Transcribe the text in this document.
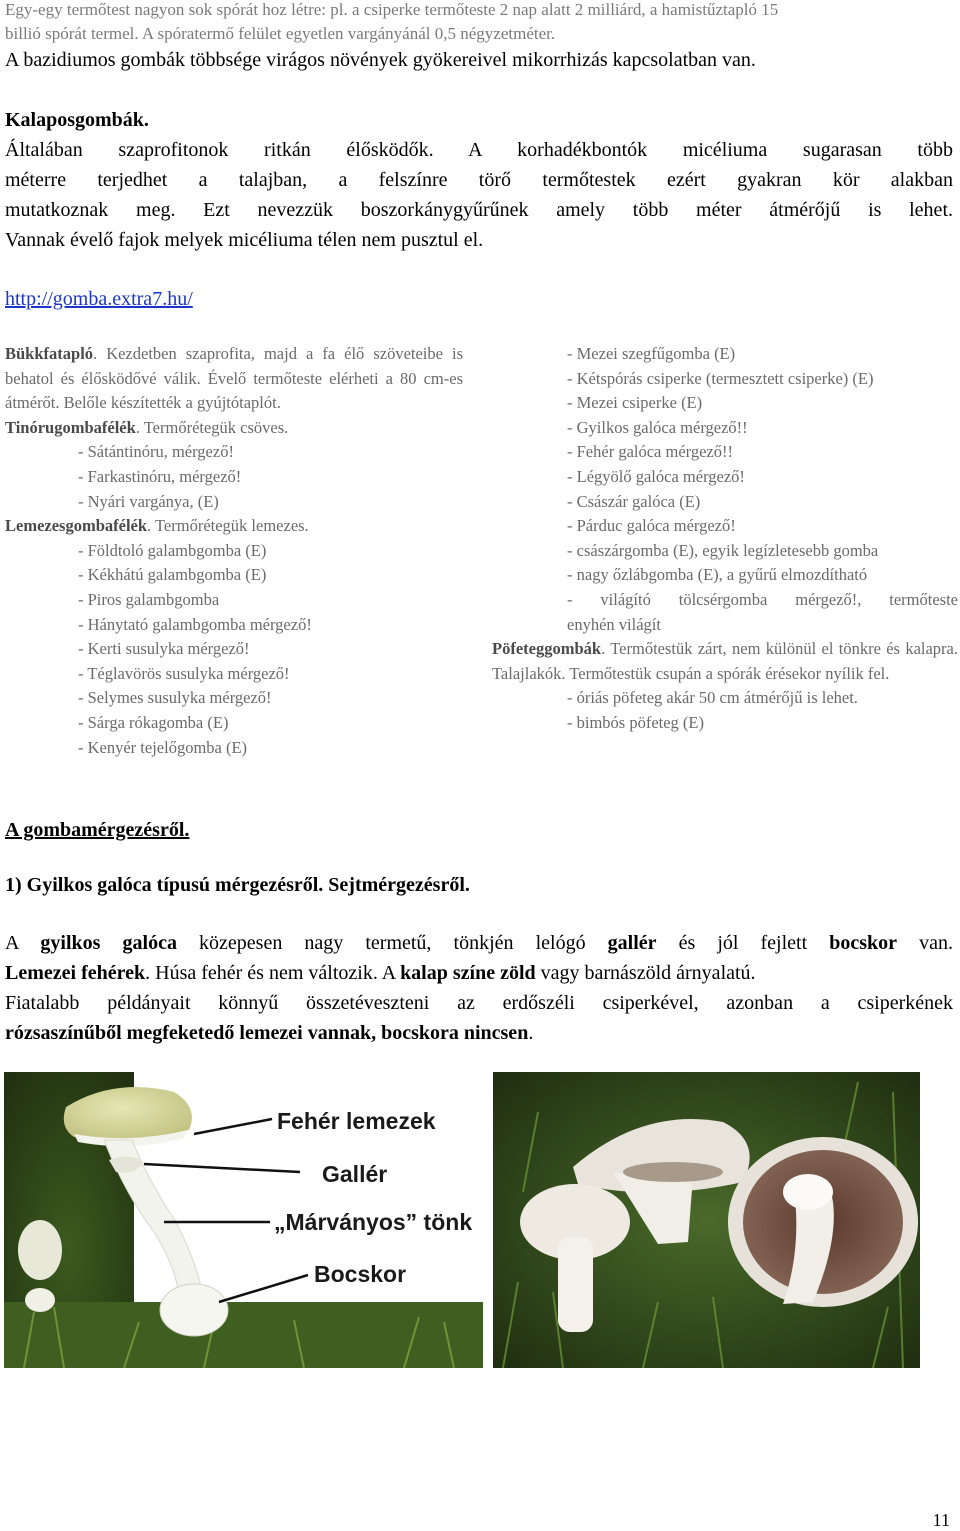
Egy-egy termőtest nagyon sok spórát hoz létre: pl. a csiperke termőteste 2 nap alatt 2 milliárd, a hamistűztapló 15
billió spórát termel. A spóratermő felület egyetlen vargányánál 0,5 négyzetméter.
A bazidiumos gombák többsége virágos növények gyökereivel mikorrhizás kapcsolatban van.
Kalaposgombák.
Általában szaprofitonok ritkán élősködők. A korhadékbontók micéliuma sugarasan több
méterre terjedhet a talajban, a felszínre törő termőtestek ezért gyakran kör alakban
mutatkoznak meg. Ezt nevezzük boszorkánygyűrűnek amely több méter átmérőjű is lehet.
Vannak évelő fajok melyek micéliuma télen nem pusztul el.
http://gomba.extra7.hu/
Bükkfatapló. Kezdetben szaprofita, majd a fa élő szöveteibe is behatol és élősködővé válik. Évelő termőteste elérheti a 80 cm-es átmérőt. Belőle készítették a gyújtótaplót.
Tinórugombafélék. Termőrétegük csöves.
- Sátántinóru, mérgező!
- Farkastinóru, mérgező!
- Nyári vargánya, (E)
Lemezesgombafélék. Termőrétegük lemezes.
- Földtoló galambgomba (E)
- Kékhátú galambgomba (E)
- Piros galambgomba
- Hánytató galambgomba mérgező!
- Kerti susulyka mérgező!
- Téglavörös susulyka mérgező!
- Selymes susulyka mérgező!
- Sárga rókagomba (E)
- Kenyér tejelőgomba (E)
- Mezei szegfűgomba (E)
- Kétspórás csiperke (termesztett csiperke) (E)
- Mezei csiperke (E)
- Gyilkos galóca mérgező!!
- Fehér galóca mérgező!!
- Légyölő galóca mérgező!
- Császár galóca (E)
- Párduc galóca mérgező!
- császárgomba (E), egyik legízletesebb gomba
- nagy őzlábgomba (E), a gyűrű elmozdítható
- világító tölcsérgomba mérgező!, termőteste
enyhén világít
Pöfeteggombák. Termőtestük zárt, nem különül el tönkre és kalapra. Talajlakók. Termőtestük csupán a spórák érésekor nyílik fel.
- óriás pöfeteg akár 50 cm átmérőjű is lehet.
- bimbós pöfeteg (E)
A gombamérgezésről.
1) Gyilkos galóca típusú mérgezésről. Sejtmérgezésről.
A gyilkos galóca közepesen nagy termetű, tönkjén lelógó gallér és jól fejlett bocskor van.
Lemezei fehérek. Húsa fehér és nem változik. A kalap színe zöld vagy barnászöld árnyalatú.
Fiatalabb példányait könnyű összetéveszteni az erdőszéli csiperkével, azonban a csiperkének
rózsaszínűből megfeketedő lemezei vannak, bocskora nincsen.
Fehér lemezek
Gallér
„Márványos” tönk
Bocskor
11
